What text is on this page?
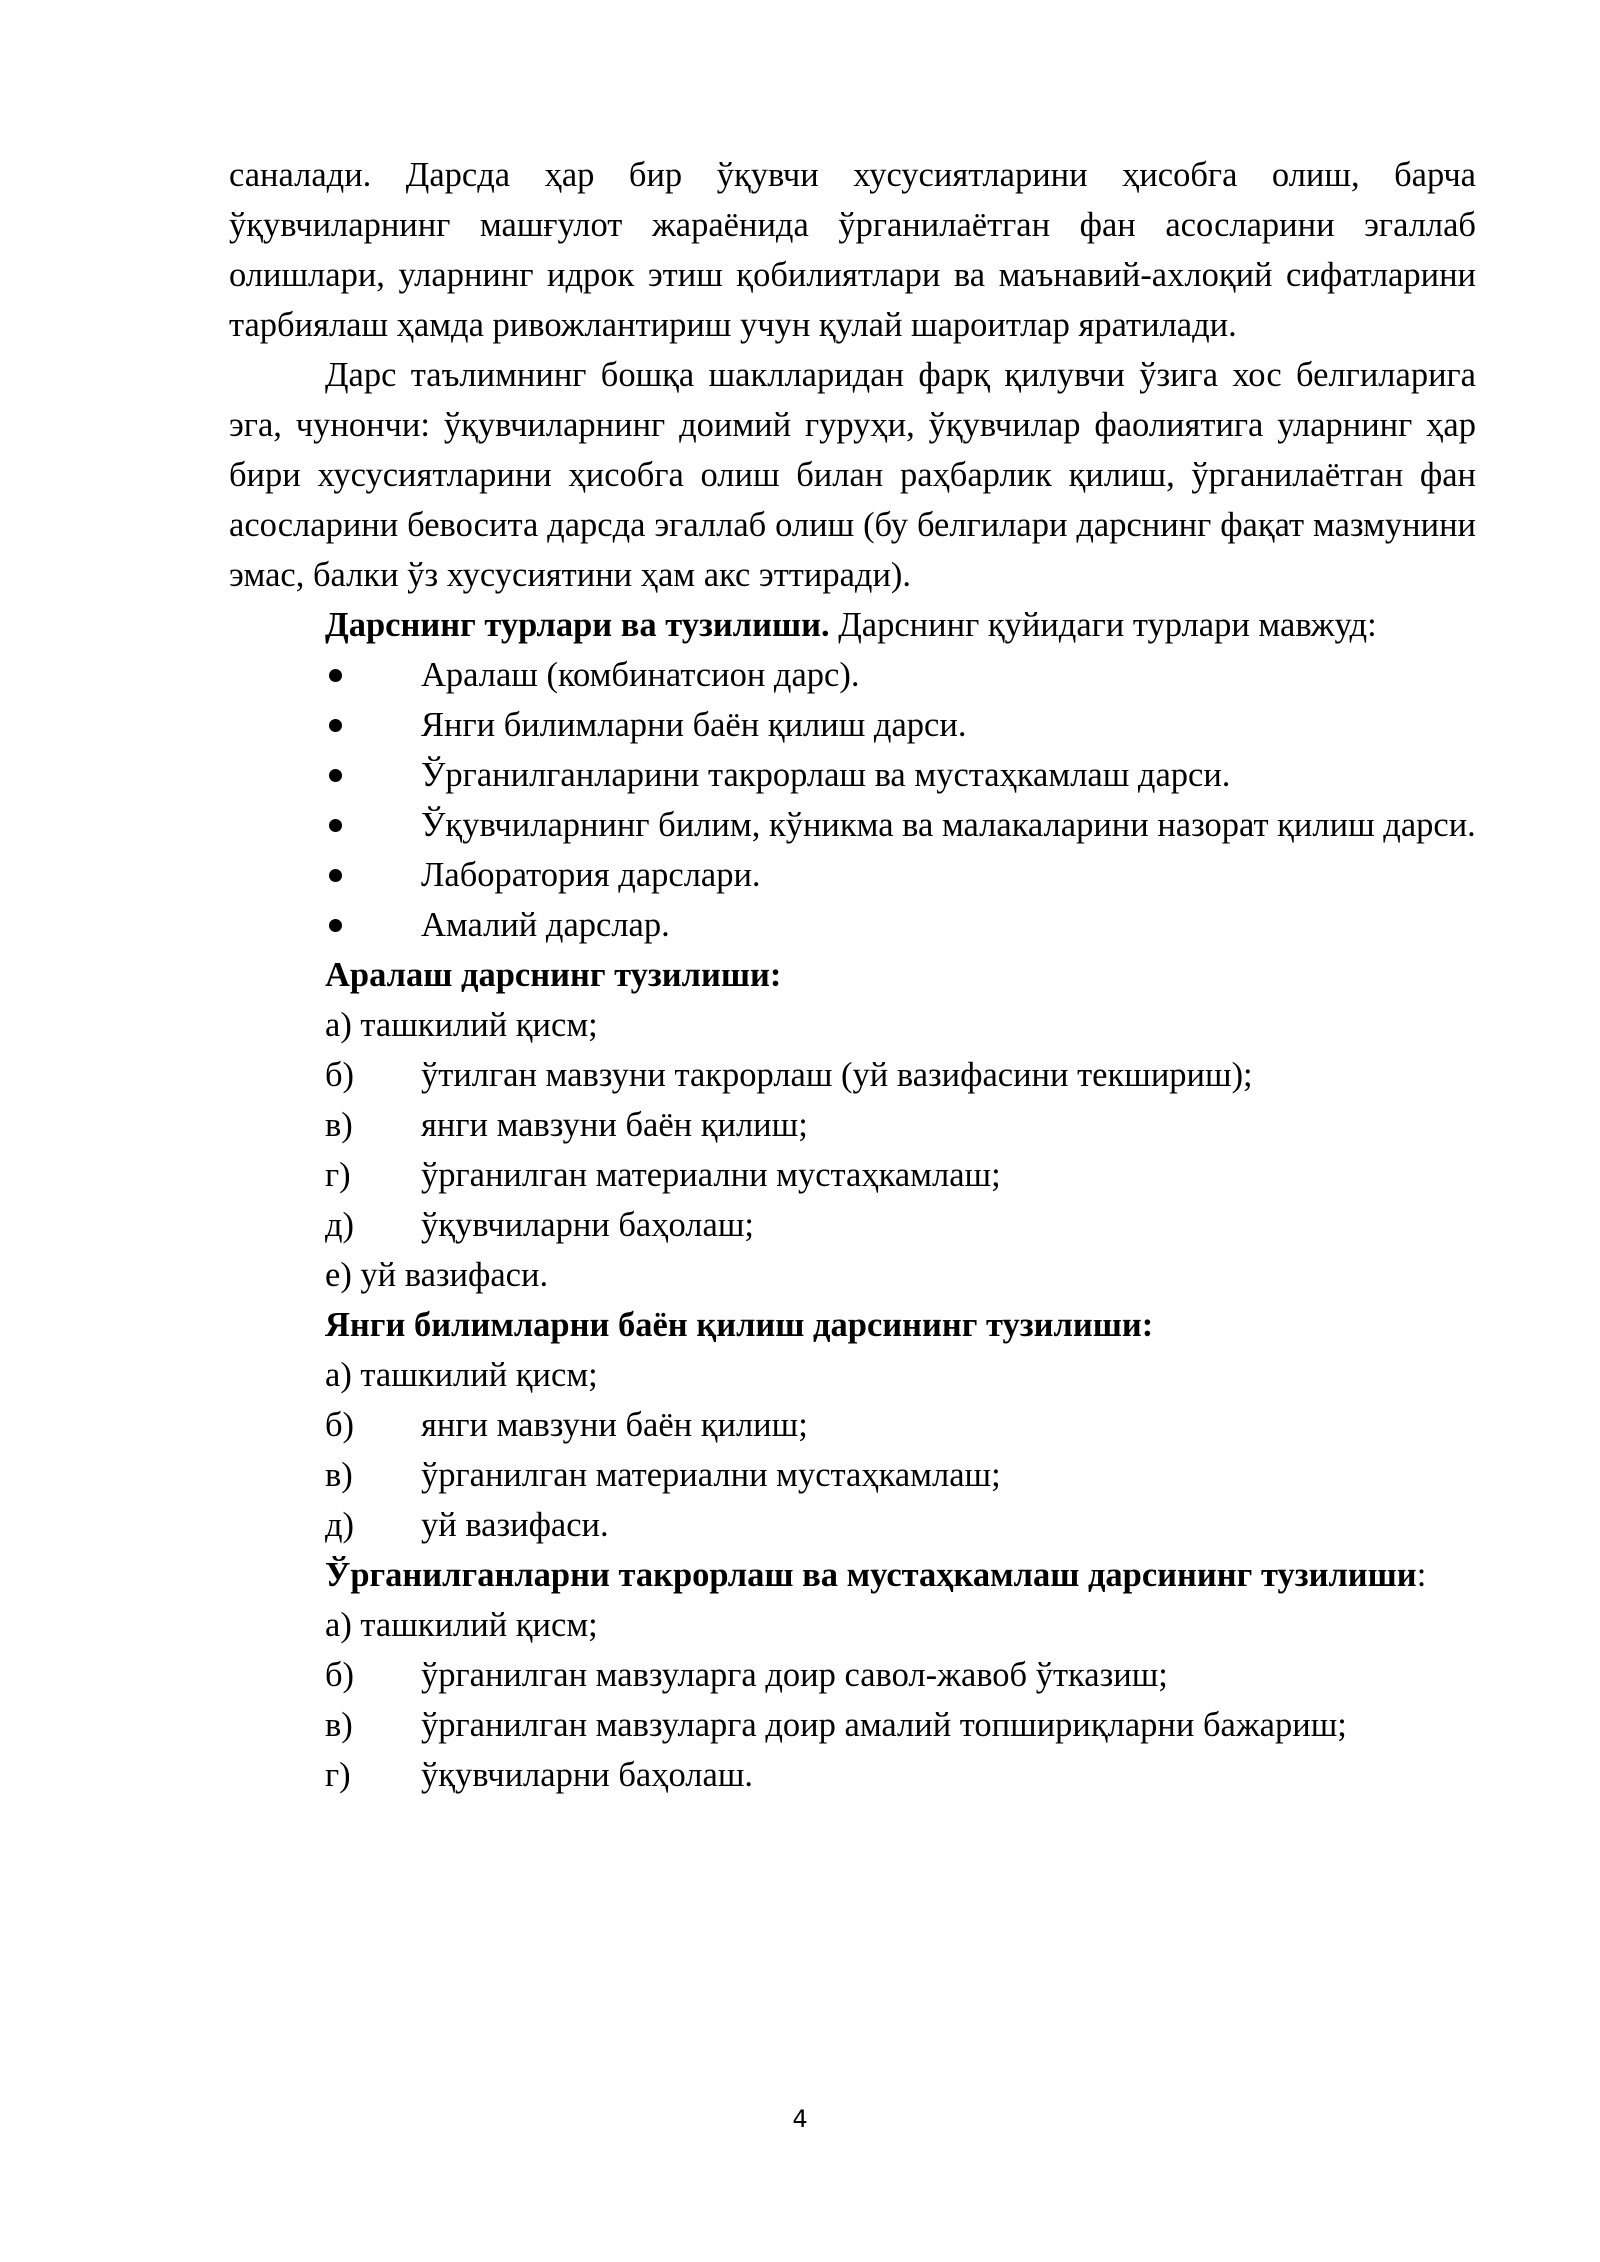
саналади. Дарсда ҳар бир ўқувчи хусусиятларини ҳисобга олиш, барча ўқувчиларнинг машғулот жараёнида ўрганилаётган фан асосларини эгаллаб олишлари, уларнинг идрок этиш қобилиятлари ва маънавий-ахлоқий сифатларини тарбиялаш ҳамда ривожлантириш учун қулай шароитлар яратилади.

Дарс таълимнинг бошқа шаклларидан фарқ қилувчи ўзига хос белгиларига эга, чунончи: ўқувчиларнинг доимий гуруҳи, ўқувчилар фаолиятига уларнинг ҳар бири хусусиятларини ҳисобга олиш билан раҳбарлик қилиш, ўрганилаётган фан асосларини бевосита дарсда эгаллаб олиш (бу белгилари дарснинг фақат мазмунини эмас, балки ўз хусусиятини ҳам акс эттиради).

Дарснинг турлари ва тузилиши. Дарснинг қуйидаги турлари мавжуд:

Аралаш (комбинатсион дарс).

Янги билимларни баён қилиш дарси.

Ўрганилганларини такрорлаш ва мустаҳкамлаш дарси.

Ўқувчиларнинг билим, кўникма ва малакаларини назорат қилиш дарси.

Лаборатория дарслари.

Амалий дарслар.

Аралаш дарснинг тузилиши:

а) ташкилий қисм;

б)	ўтилган мавзуни такрорлаш (уй вазифасини текшириш);
в)	янги мавзуни баён қилиш;
г)	ўрганилган материални мустаҳкамлаш;
д)	ўқувчиларни баҳолаш;

е) уй вазифаси.

Янги билимларни баён қилиш дарсининг тузилиши:

а) ташкилий қисм;

б)	янги мавзуни баён қилиш;
в)	ўрганилган материални мустаҳкамлаш;
д)	уй вазифаси.

Ўрганилганларни такрорлаш ва мустаҳкамлаш дарсининг тузилиши:

а) ташкилий қисм;

б)	ўрганилган мавзуларга доир савол-жавоб ўтказиш;
в)	ўрганилган мавзуларга доир амалий топшириқларни бажариш;
г)	ўқувчиларни баҳолаш.
4
